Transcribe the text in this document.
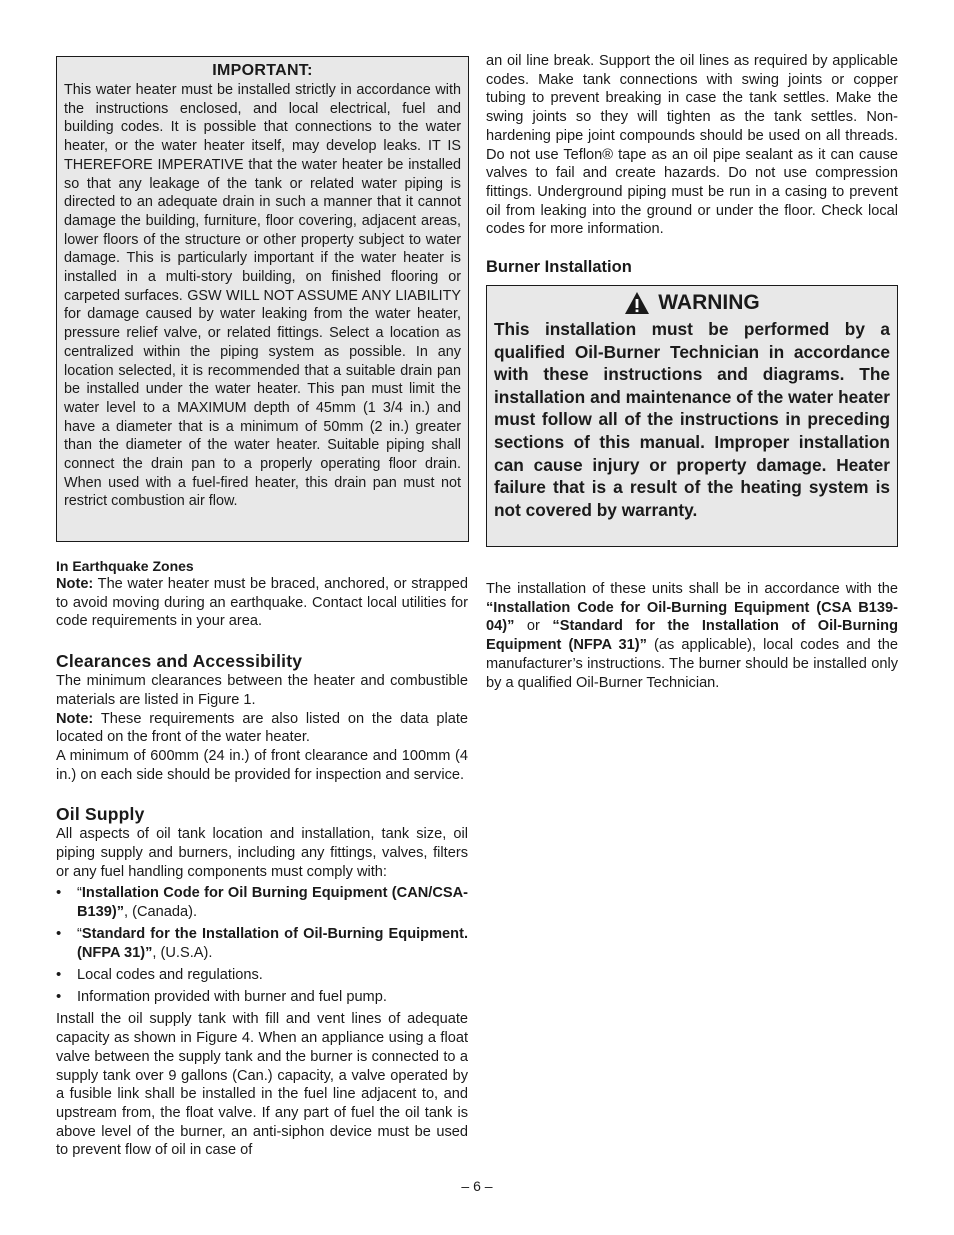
IMPORTANT:

This water heater must be installed strictly in accordance with the instructions enclosed, and local electrical, fuel and building codes. It is possible that connections to the water heater, or the water heater itself, may develop leaks. IT IS THEREFORE IMPERATIVE that the water heater be installed so that any leakage of the tank or related water piping is directed to an adequate drain in such a manner that it cannot damage the building, furniture, floor covering, adjacent areas, lower floors of the structure or other property subject to water damage. This is particularly important if the water heater is installed in a multi-story building, on finished flooring or carpeted surfaces. GSW WILL NOT ASSUME ANY LIABILITY for damage caused by water leaking from the water heater, pressure relief valve, or related fittings. Select a location as centralized within the piping system as possible. In any location selected, it is recommended that a suitable drain pan be installed under the water heater. This pan must limit the water level to a MAXIMUM depth of 45mm (1 3/4 in.) and have a diameter that is a minimum of 50mm (2 in.) greater than the diameter of the water heater. Suitable piping shall connect the drain pan to a properly operating floor drain. When used with a fuel-fired heater, this drain pan must not restrict combustion air flow.

In Earthquake Zones

Note: The water heater must be braced, anchored, or strapped to avoid moving during an earthquake. Contact local utilities for code requirements in your area.

Clearances and Accessibility

The minimum clearances between the heater and combustible materials are listed in Figure 1.

Note: These requirements are also listed on the data plate located on the front of the water heater.

A minimum of 600mm (24 in.) of front clearance and 100mm (4 in.) on each side should be provided for inspection and service.

Oil Supply

All aspects of oil tank location and installation, tank size, oil piping supply and burners, including any fittings, valves, filters or any fuel handling components must comply with:

• “Installation Code for Oil Burning Equipment (CAN/CSA-B139)”, (Canada).
• “Standard for the Installation of Oil-Burning Equipment. (NFPA 31)”, (U.S.A).
• Local codes and regulations.
• Information provided with burner and fuel pump.

Install the oil supply tank with fill and vent lines of adequate capacity as shown in Figure 4. When an appliance using a float valve between the supply tank and the burner is connected to a supply tank over 9 gallons (Can.) capacity, a valve operated by a fusible link shall be installed in the fuel line adjacent to, and upstream from, the float valve. If any part of fuel the oil tank is above level of the burner, an anti-siphon device must be used to prevent flow of oil in case of

an oil line break. Support the oil lines as required by applicable codes. Make tank connections with swing joints or copper tubing to prevent breaking in case the tank settles. Make the swing joints so they will tighten as the tank settles. Non-hardening pipe joint compounds should be used on all threads. Do not use Teflon® tape as an oil pipe sealant as it can cause valves to fail and create hazards. Do not use compression fittings. Underground piping must be run in a casing to prevent oil from leaking into the ground or under the floor. Check local codes for more information.

Burner Installation
WARNING

This installation must be performed by a qualified Oil-Burner Technician in accordance with these instructions and diagrams. The installation and maintenance of the water heater must follow all of the instructions in preceding sections of this manual. Improper installation can cause injury or property damage. Heater failure that is a result of the heating system is not covered by warranty.

The installation of these units shall be in accordance with the “Installation Code for Oil-Burning Equipment (CSA B139-04)” or “Standard for the Installation of Oil-Burning Equipment (NFPA 31)” (as applicable), local codes and the manufacturer’s instructions. The burner should be installed only by a qualified Oil-Burner Technician.

– 6 –
